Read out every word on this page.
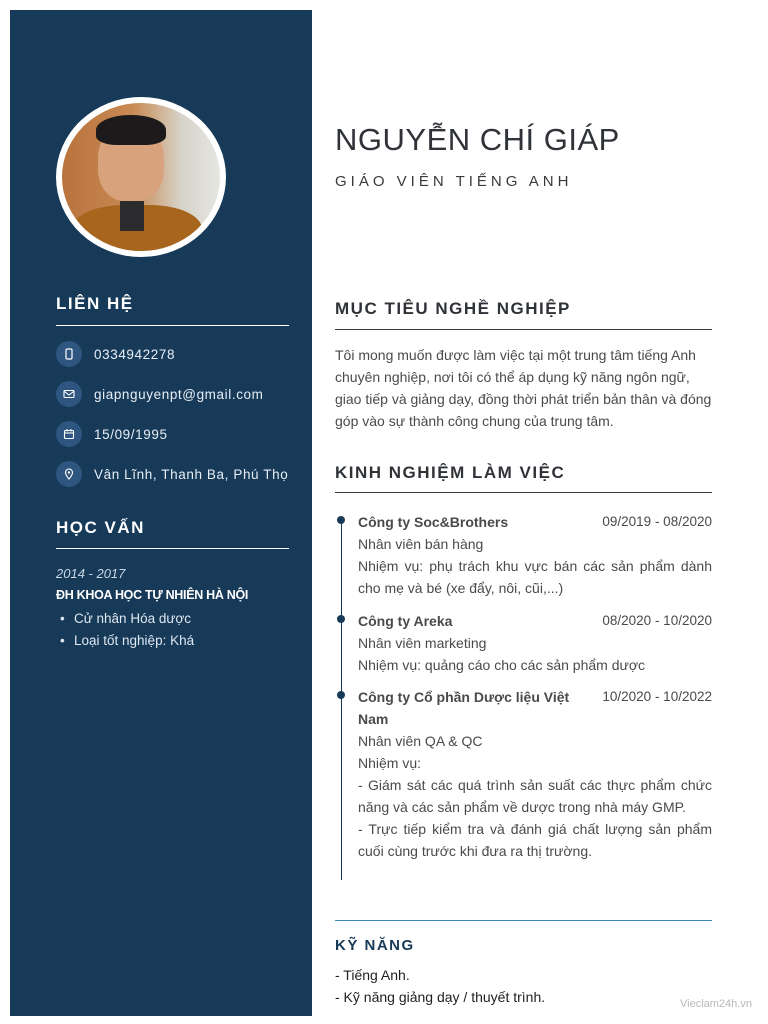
LIÊN HỆ
0334942278
giapnguyenpt@gmail.com
15/09/1995
Vân Lĩnh, Thanh Ba, Phú Thọ
HỌC VẤN
2014 - 2017
ĐH KHOA HỌC TỰ NHIÊN HÀ NỘI
• Cử nhân Hóa dược
• Loại tốt nghiệp: Khá
NGUYỄN CHÍ GIÁP
GIÁO VIÊN TIẾNG ANH
MỤC TIÊU NGHỀ NGHIỆP
Tôi mong muốn được làm việc tại một trung tâm tiếng Anh chuyên nghiệp, nơi tôi có thể áp dụng kỹ năng ngôn ngữ, giao tiếp và giảng dạy, đồng thời phát triển bản thân và đóng góp vào sự thành công chung của trung tâm.
KINH NGHIỆM LÀM VIỆC
Công ty Soc&Brothers	09/2019 - 08/2020
Nhân viên bán hàng
Nhiệm vụ: phụ trách khu vực bán các sản phẩm dành cho mẹ và bé (xe đẩy, nôi, cũi,...)
Công ty Areka	08/2020 - 10/2020
Nhân viên marketing
Nhiệm vụ: quảng cáo cho các sản phẩm dược
Công ty Cổ phần Dược liệu Việt Nam
10/2020 - 10/2022
Nhân viên QA & QC
Nhiệm vụ:
- Giám sát các quá trình sản suất các thực phẩm chức năng và các sản phẩm về dược trong nhà máy GMP.
- Trực tiếp kiểm tra và đánh giá chất lượng sản phẩm cuối cùng trước khi đưa ra thị trường.
KỸ NĂNG
- Tiếng Anh.
- Kỹ năng giảng dạy / thuyết trình.	Vieclam24h.vn
